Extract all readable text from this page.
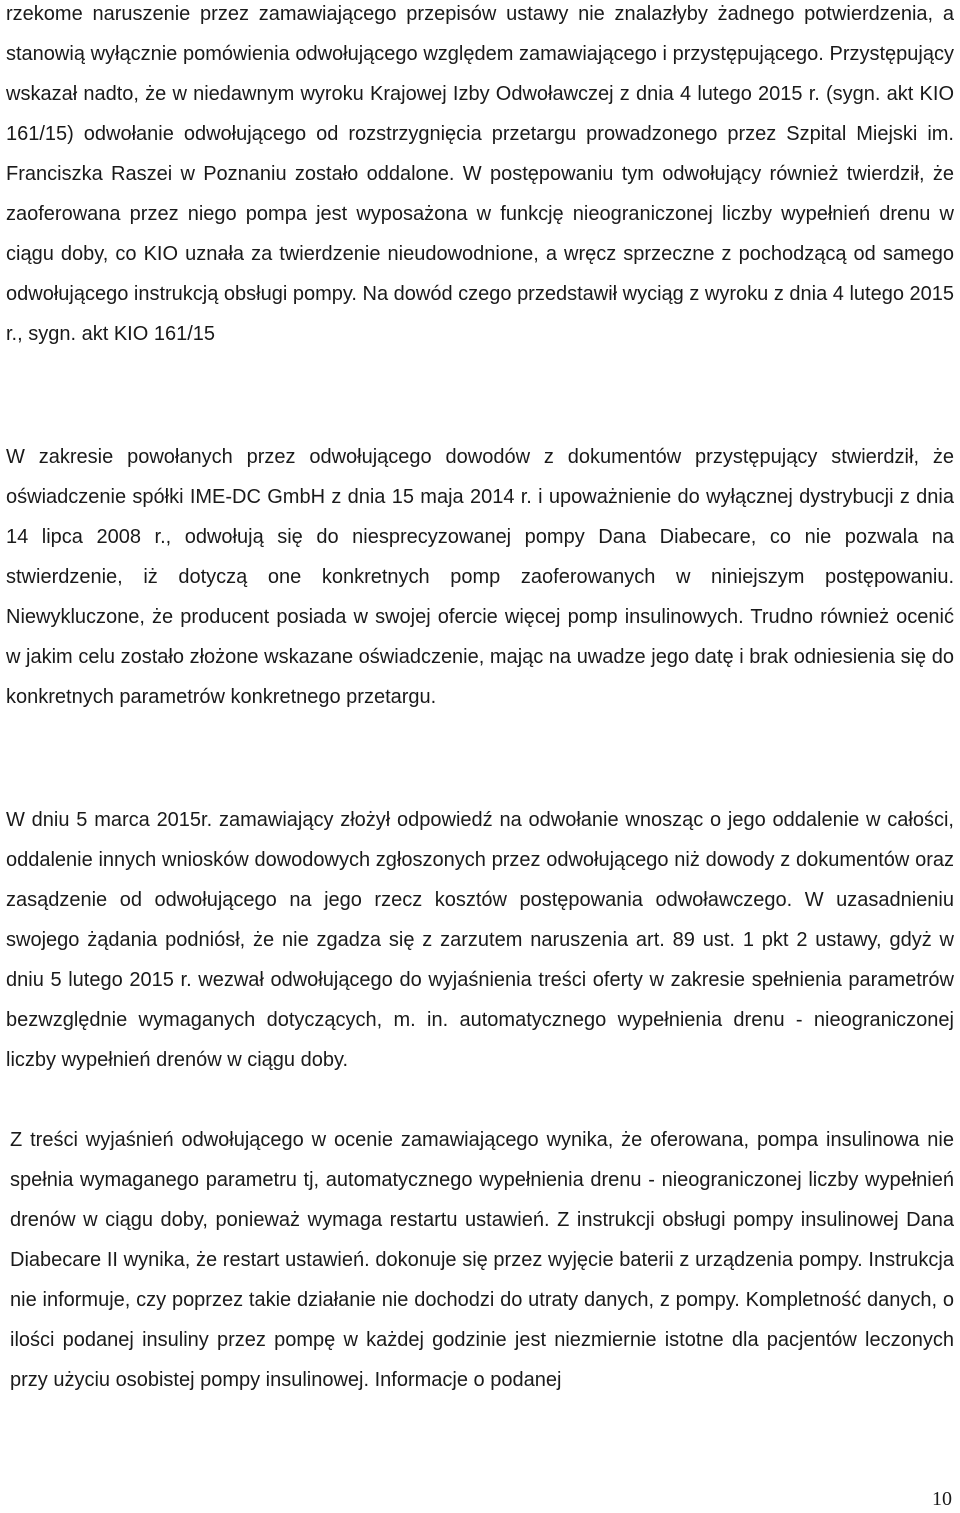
rzekome naruszenie przez zamawiającego przepisów ustawy nie znalazłyby żadnego potwierdzenia, a stanowią wyłącznie pomówienia odwołującego względem zamawiającego i przystępującego. Przystępujący wskazał nadto, że w niedawnym wyroku Krajowej Izby Odwoławczej z dnia 4 lutego 2015 r. (sygn. akt KIO 161/15) odwołanie odwołującego od rozstrzygnięcia przetargu prowadzonego przez Szpital Miejski im. Franciszka Raszei w Poznaniu zostało oddalone. W postępowaniu tym odwołujący również twierdził, że zaoferowana przez niego pompa jest wyposażona w funkcję nieograniczonej liczby wypełnień drenu w ciągu doby, co KIO uznała za twierdzenie nieudowodnione, a wręcz sprzeczne z pochodzącą od samego odwołującego instrukcją obsługi pompy. Na dowód czego przedstawił wyciąg z wyroku z dnia 4 lutego 2015 r., sygn. akt KIO 161/15

W zakresie powołanych przez odwołującego dowodów z dokumentów przystępujący stwierdził, że oświadczenie spółki IME-DC GmbH z dnia 15 maja 2014 r. i upoważnienie do wyłącznej dystrybucji z dnia 14 lipca 2008 r., odwołują się do niesprecyzowanej pompy Dana Diabecare, co nie pozwala na stwierdzenie, iż dotyczą one konkretnych pomp zaoferowanych w niniejszym postępowaniu. Niewykluczone, że producent posiada w swojej ofercie więcej pomp insulinowych. Trudno również ocenić w jakim celu zostało złożone wskazane oświadczenie, mając na uwadze jego datę i brak odniesienia się do konkretnych parametrów konkretnego przetargu.

W dniu 5 marca 2015r. zamawiający złożył odpowiedź na odwołanie wnosząc o jego oddalenie w całości, oddalenie innych wniosków dowodowych zgłoszonych przez odwołującego niż dowody z dokumentów oraz zasądzenie od odwołującego na jego rzecz kosztów postępowania odwoławczego. W uzasadnieniu swojego żądania podniósł, że nie zgadza się z zarzutem naruszenia art. 89 ust. 1 pkt 2 ustawy, gdyż w dniu 5 lutego 2015 r. wezwał odwołującego do wyjaśnienia treści oferty w zakresie spełnienia parametrów bezwzględnie wymaganych dotyczących, m. in. automatycznego wypełnienia drenu - nieograniczonej liczby wypełnień drenów w ciągu doby.

Z treści wyjaśnień odwołującego w ocenie zamawiającego wynika, że oferowana, pompa insulinowa nie spełnia wymaganego parametru tj, automatycznego wypełnienia drenu - nieograniczonej liczby wypełnień drenów w ciągu doby, ponieważ wymaga restartu ustawień. Z instrukcji obsługi pompy insulinowej Dana Diabecare II wynika, że restart ustawień. dokonuje się przez wyjęcie baterii z urządzenia pompy. Instrukcja nie informuje, czy poprzez takie działanie nie dochodzi do utraty danych, z pompy. Kompletność danych, o ilości podanej insuliny przez pompę w każdej godzinie jest niezmiernie istotne dla pacjentów leczonych przy użyciu osobistej pompy insulinowej. Informacje o podanej

10
